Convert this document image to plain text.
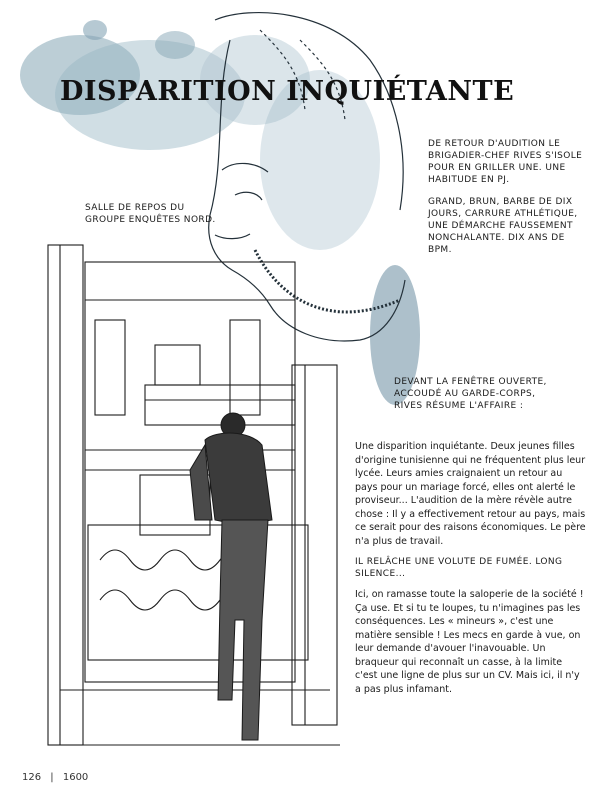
DISPARITION INQUIÉTANTE

DE RETOUR D'AUDITION LE BRIGADIER-CHEF RIVES S'ISOLE POUR EN GRILLER UNE. UNE HABITUDE EN PJ.

GRAND, BRUN, BARBE DE DIX JOURS, CARRURE ATHLÉTIQUE, UNE DÉMARCHE FAUSSEMENT NONCHALANTE. DIX ANS DE BPM.

SALLE DE REPOS DU GROUPE ENQUÊTES NORD.

DEVANT LA FENÊTRE OUVERTE, ACCOUDÉ AU GARDE-CORPS, RIVES RÉSUME L'AFFAIRE :

Une disparition inquiétante. Deux jeunes filles d'origine tunisienne qui ne fréquentent plus leur lycée. Leurs amies craignaient un retour au pays pour un mariage forcé, elles ont alerté le proviseur... L'audition de la mère révèle autre chose : Il y a effectivement retour au pays, mais ce serait pour des raisons économiques. Le père n'a plus de travail.

IL RELÂCHE UNE VOLUTE DE FUMÉE. LONG SILENCE...

Ici, on ramasse toute la saloperie de la société ! Ça use. Et si tu te loupes, tu n'imagines pas les conséquences. Les « mineurs », c'est une matière sensible ! Les mecs en garde à vue, on leur demande d'avouer l'inavouable. Un braqueur qui reconnaît un casse, à la limite c'est une ligne de plus sur un CV. Mais ici, il n'y a pas plus infamant.

126 | 1600
